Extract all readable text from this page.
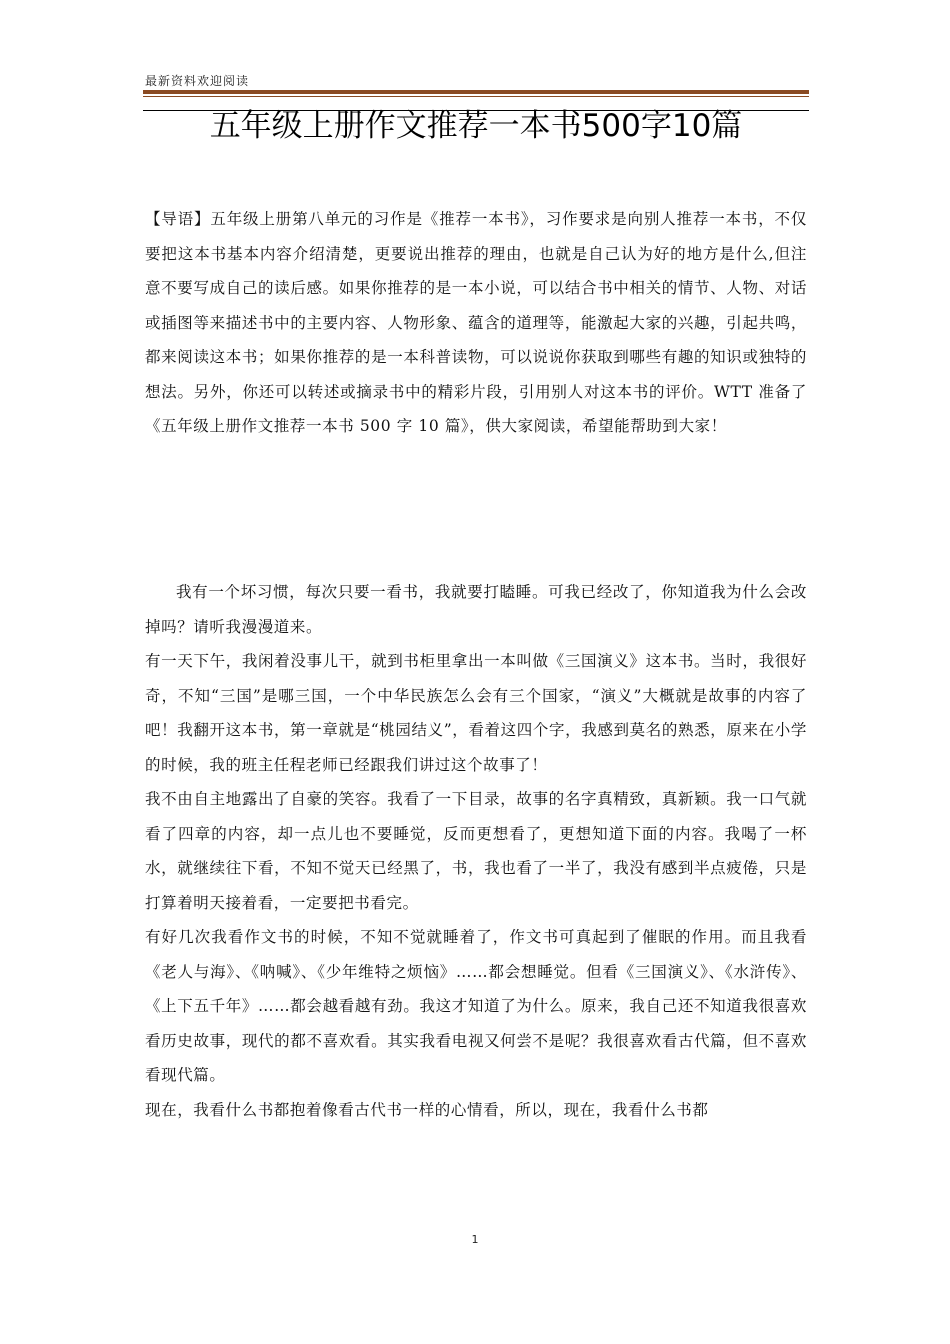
最新资料欢迎阅读
五年级上册作文推荐一本书500字10篇

【导语】五年级上册第八单元的习作是《推荐一本书》，习作要求是向别人推荐一本书，不仅要把这本书基本内容介绍清楚，更要说出推荐的理由，也就是自己认为好的地方是什么,但注意不要写成自己的读后感。如果你推荐的是一本小说，可以结合书中相关的情节、人物、对话或插图等来描述书中的主要内容、人物形象、蕴含的道理等，能激起大家的兴趣，引起共鸣，都来阅读这本书；如果你推荐的是一本科普读物，可以说说你获取到哪些有趣的知识或独特的想法。另外，你还可以转述或摘录书中的精彩片段，引用别人对这本书的评价。WTT 准备了《五年级上册作文推荐一本书 500 字 10 篇》，供大家阅读，希望能帮助到大家！

我有一个坏习惯，每次只要一看书，我就要打瞌睡。可我已经改了，你知道我为什么会改掉吗？请听我漫漫道来。

有一天下午，我闲着没事儿干，就到书柜里拿出一本叫做《三国演义》这本书。当时，我很好奇，不知“三国”是哪三国，一个中华民族怎么会有三个国家，“演义”大概就是故事的内容了吧！我翻开这本书，第一章就是“桃园结义”，看着这四个字，我感到莫名的熟悉，原来在小学的时候，我的班主任程老师已经跟我们讲过这个故事了！

我不由自主地露出了自豪的笑容。我看了一下目录，故事的名字真精致，真新颖。我一口气就看了四章的内容，却一点儿也不要睡觉，反而更想看了，更想知道下面的内容。我喝了一杯水，就继续往下看，不知不觉天已经黑了，书，我也看了一半了，我没有感到半点疲倦，只是打算着明天接着看，一定要把书看完。

有好几次我看作文书的时候，不知不觉就睡着了，作文书可真起到了催眠的作用。而且我看《老人与海》、《呐喊》、《少年维特之烦恼》……都会想睡觉。但看《三国演义》、《水浒传》、《上下五千年》……都会越看越有劲。我这才知道了为什么。原来，我自己还不知道我很喜欢看历史故事，现代的都不喜欢看。其实我看电视又何尝不是呢？我很喜欢看古代篇，但不喜欢看现代篇。

现在，我看什么书都抱着像看古代书一样的心情看，所以，现在，我看什么书都

1
